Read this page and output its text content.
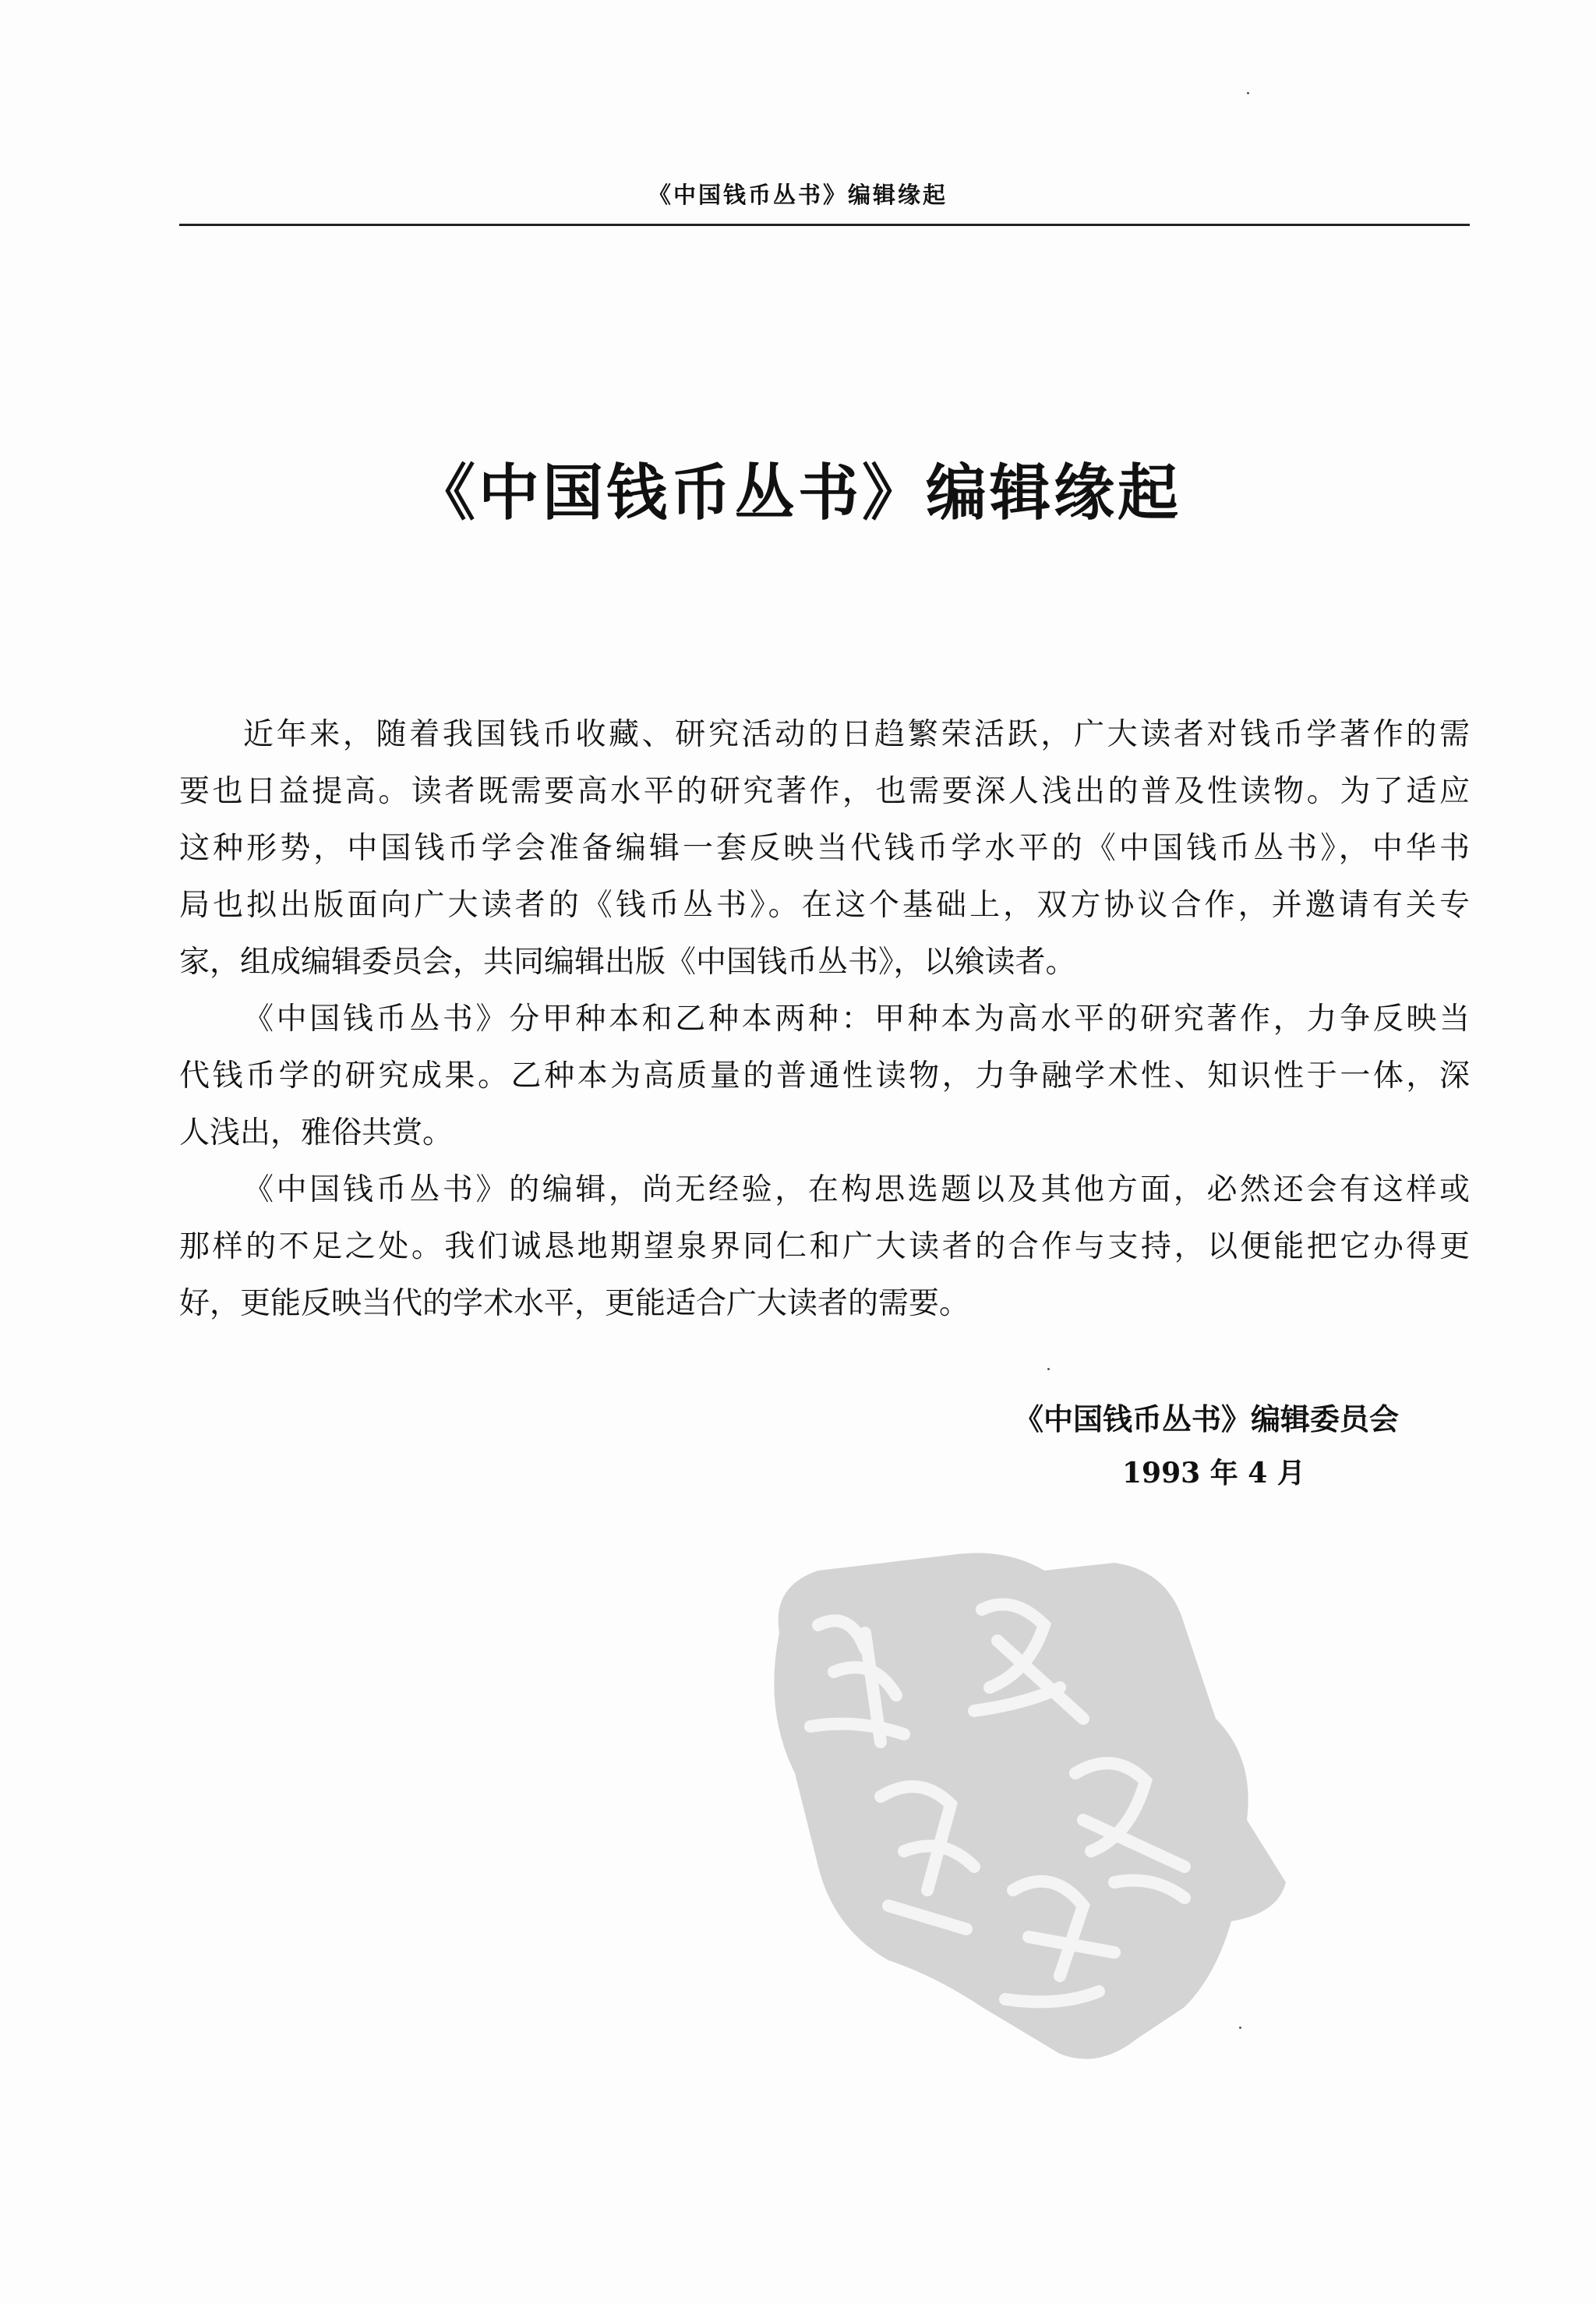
《中国钱币丛书》编辑缘起
《中国钱币丛书》编辑缘起
近年来，随着我国钱币收藏、研究活动的日趋繁荣活跃，广大读者对钱币学著作的需
要也日益提高。读者既需要高水平的研究著作，也需要深人浅出的普及性读物。为了适应
这种形势，中国钱币学会准备编辑一套反映当代钱币学水平的《中国钱币丛书》，中华书
局也拟出版面向广大读者的《钱币丛书》。在这个基础上，双方协议合作，并邀请有关专
家，组成编辑委员会，共同编辑出版《中国钱币丛书》，以飨读者。
《中国钱币丛书》分甲种本和乙种本两种：甲种本为高水平的研究著作，力争反映当
代钱币学的研究成果。乙种本为高质量的普通性读物，力争融学术性、知识性于一体，深
人浅出，雅俗共赏。
《中国钱币丛书》的编辑，尚无经验，在构思选题以及其他方面，必然还会有这样或
那样的不足之处。我们诚恳地期望泉界同仁和广大读者的合作与支持，以便能把它办得更
好，更能反映当代的学术水平，更能适合广大读者的需要。
《中国钱币丛书》编辑委员会
1993 年 4 月
